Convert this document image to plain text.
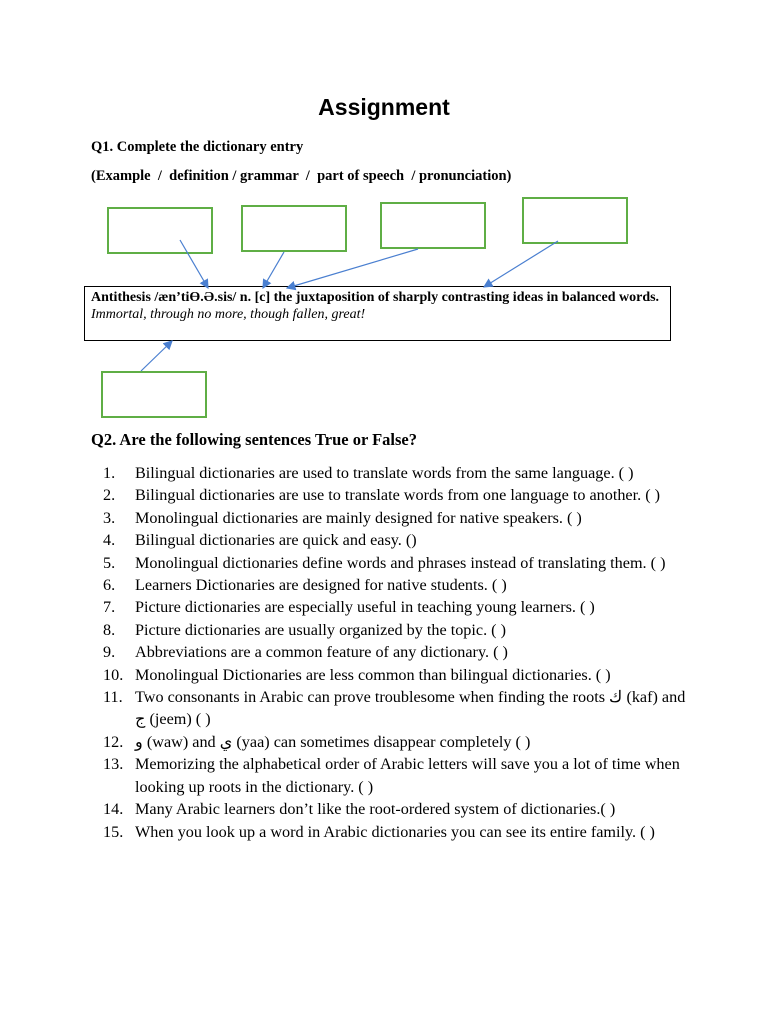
Assignment
Q1. Complete the dictionary entry
(Example  /  definition / grammar  /  part of speech  / pronunciation)
Antithesis /æn’tiƟ.Ə.sis/ n. [c] the juxtaposition of sharply contrasting ideas in balanced words.
Immortal, through no more, though fallen, great!
Q2. Are the following sentences True or False?
1.	Bilingual dictionaries are used to translate words from the same language. ( )
2.	Bilingual dictionaries are use to translate words from one language to another. ( )
3.	Monolingual dictionaries are mainly designed for native speakers. ( )
4.	Bilingual dictionaries are quick and easy. ()
5.	Monolingual dictionaries define words and phrases instead of translating them. ( )
6.	Learners Dictionaries are designed for native students. ( )
7.	Picture dictionaries are especially useful in teaching young learners. ( )
8.	Picture dictionaries are usually organized by the topic. ( )
9.	Abbreviations are a common feature of any dictionary. ( )
10. Monolingual Dictionaries are less common than bilingual dictionaries. ( )
11. Two consonants in Arabic can prove troublesome when finding the roots ك (kaf) and ج (jeem) ( )
12. و (waw) and ي (yaa) can sometimes disappear completely ( )
13. Memorizing the alphabetical order of Arabic letters will save you a lot of time when looking up roots in the dictionary. ( )
14. Many Arabic learners don’t like the root-ordered system of dictionaries.( )
15. When you look up a word in Arabic dictionaries you can see its entire family. ( )
